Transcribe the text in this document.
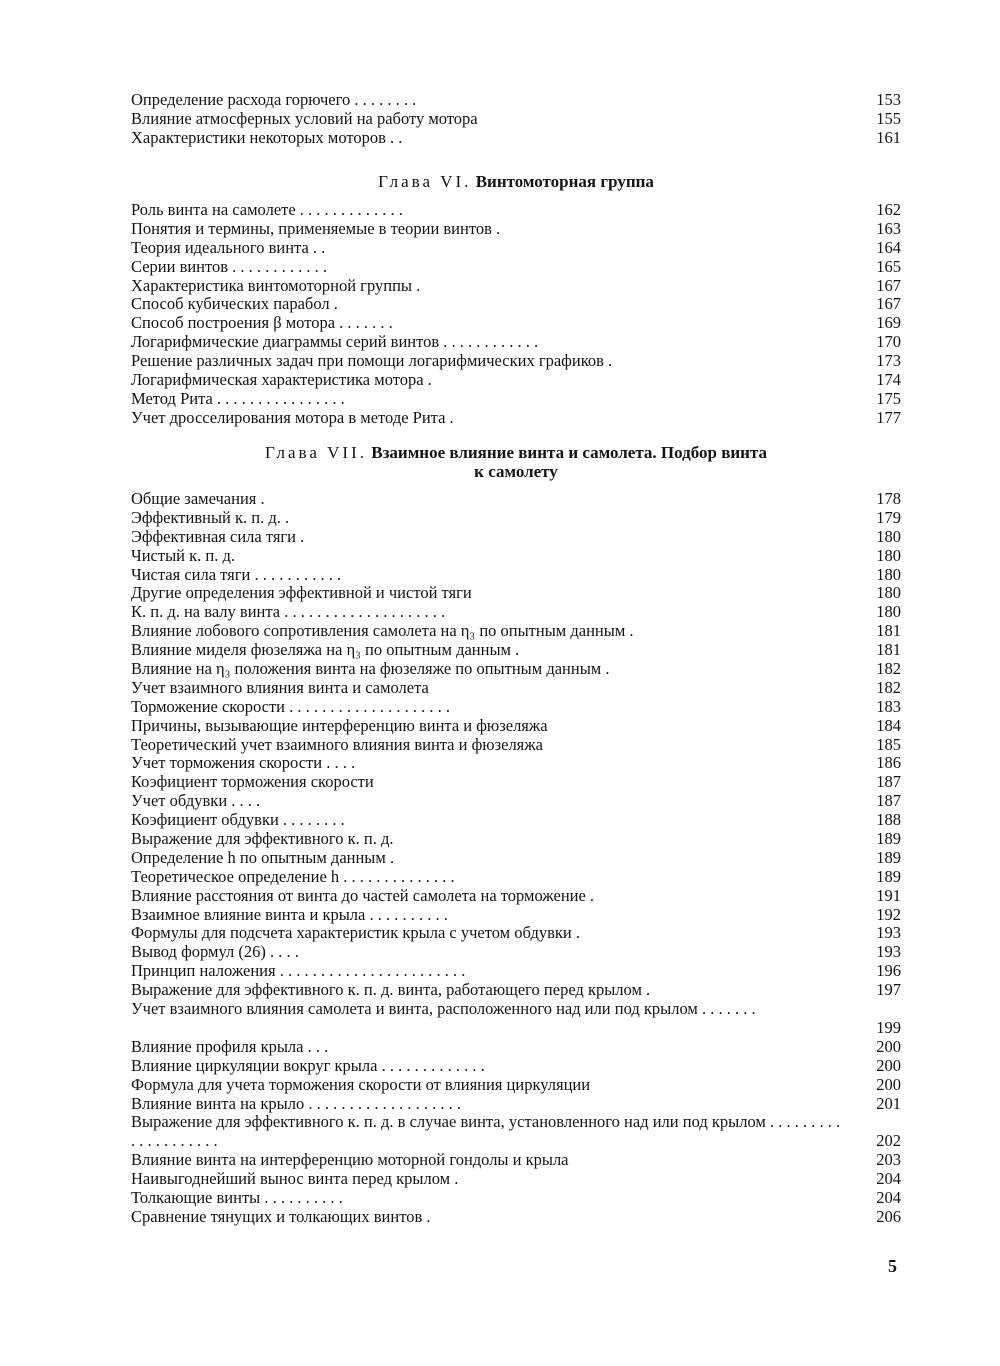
Определение расхода горючего . . . . . . . .	153
Влияние атмосферных условий на работу мотора	155
Характеристики некоторых моторов . .	161
Глава VI. Винтомоторная группа
Роль винта на самолете . . . . . . . . . . . . .	162
Понятия и термины, применяемые в теории винтов .	163
Теория идеального винта . .	164
Серии винтов . . . . . . . . . . . .	165
Характеристика винтомоторной группы .	167
Способ кубических парабол .	167
Способ построения β мотора . . . . . . .	169
Логарифмические диаграммы серий винтов . . . . . . . . . . . .	170
Решение различных задач при помощи логарифмических графиков .	173
Логарифмическая характеристика мотора .	174
Метод Рита . . . . . . . . . . . . . . . .	175
Учет дросселирования мотора в методе Рита .	177
Глава VII. Взаимное влияние винта и самолета. Подбор винта
к самолету
Общие замечания .	178
Эффективный к. п. д. .	179
Эффективная сила тяги .	180
Чистый к. п. д.	180
Чистая сила тяги . . . . . . . . . . .	180
Другие определения эффективной и чистой тяги	180
К. п. д. на валу винта . . . . . . . . . . . . . . . . . . . .	180
Влияние лобового сопротивления самолета на η₃ по опытным данным .	181
Влияние миделя фюзеляжа на η₃ по опытным данным .	181
Влияние на η₃ положения винта на фюзеляже по опытным данным .	182
Учет взаимного влияния винта и самолета	182
Торможение скорости . . . . . . . . . . . . . . . . . . . .	183
Причины, вызывающие интерференцию винта и фюзеляжа	184
Теоретический учет взаимного влияния винта и фюзеляжа	185
Учет торможения скорости . . . .	186
Коэфициент торможения скорости	187
Учет обдувки . . . .	187
Коэфициент обдувки . . . . . . . .	188
Выражение для эффективного к. п. д.	189
Определение h по опытным данным .	189
Теоретическое определение h . . . . . . . . . . . . . .	189
Влияние расстояния от винта до частей самолета на торможение .	191
Взаимное влияние винта и крыла . . . . . . . . . .	192
Формулы для подсчета характеристик крыла с учетом обдувки .	193
Вывод формул (26) . . . .	193
Принцип наложения . . . . . . . . . . . . . . . . . . . . . . .	196
Выражение для эффективного к. п. д. винта, работающего перед крылом .	197
Учет взаимного влияния самолета и винта, расположенного над или под крылом . . . . . . .
199
Влияние профиля крыла . . .	200
Влияние циркуляции вокруг крыла . . . . . . . . . . . . .	200
Формула для учета торможения скорости от влияния циркуляции	200
Влияние винта на крыло . . . . . . . . . . . . . . . . . . .	201
Выражение для эффективного к. п. д. в случае винта, установленного над или под крылом . . . . . . . . . . . . . . . . . . . .	202
Влияние винта на интерференцию моторной гондолы и крыла	203
Наивыгоднейший вынос винта перед крылом .	204
Толкающие винты . . . . . . . . . .	204
Сравнение тянущих и толкающих винтов .	206
5
